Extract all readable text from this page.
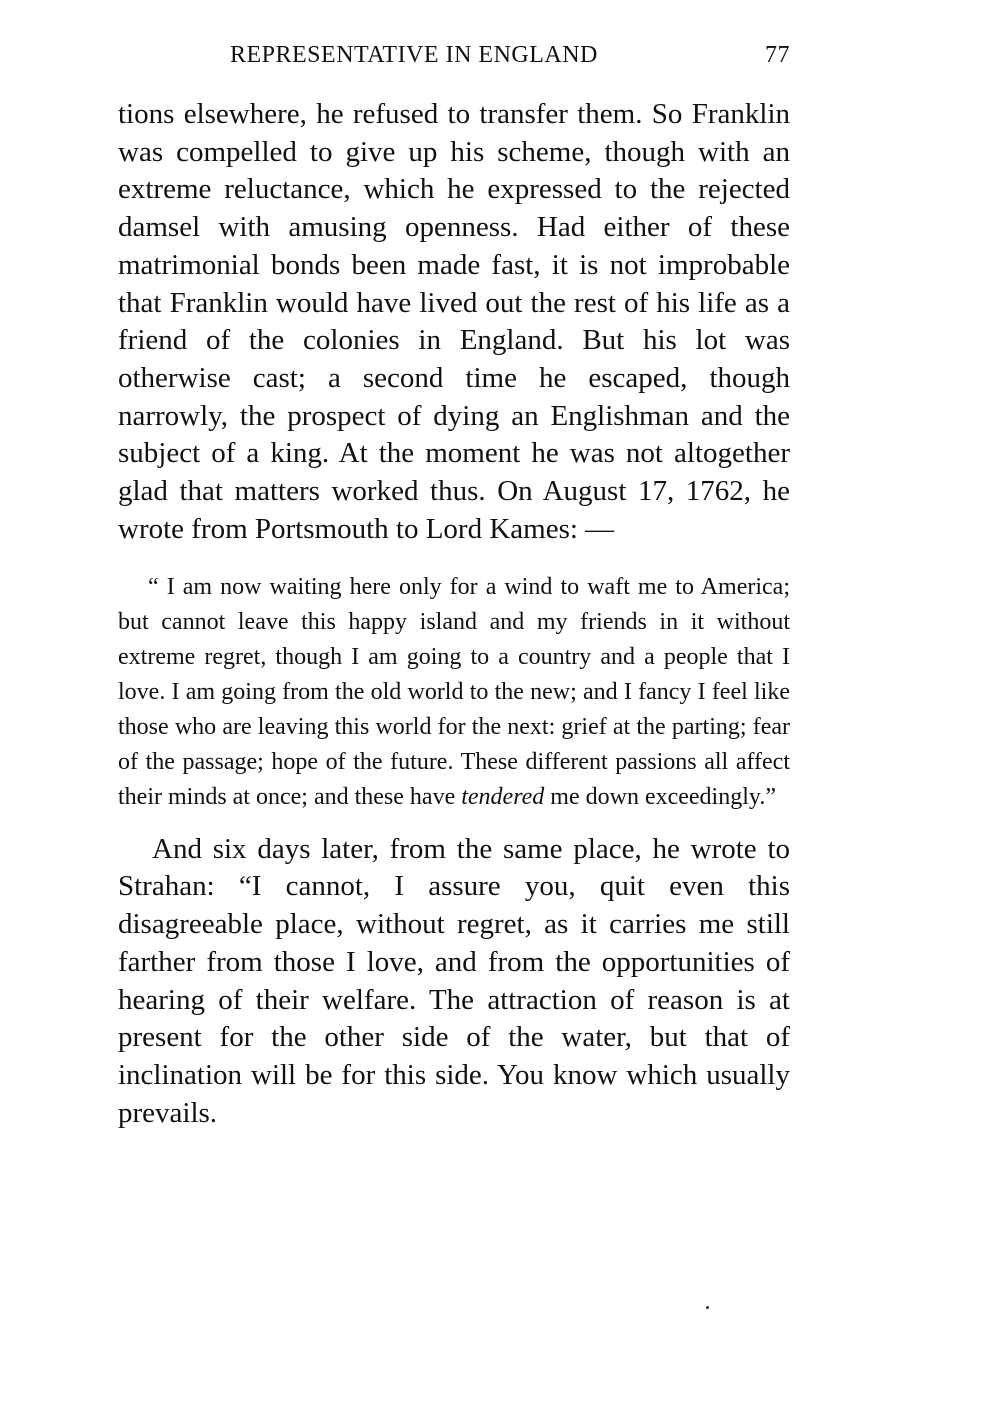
REPRESENTATIVE IN ENGLAND	77

tions elsewhere, he refused to transfer them. So Franklin was compelled to give up his scheme, though with an extreme reluctance, which he expressed to the rejected damsel with amusing openness. Had either of these matrimonial bonds been made fast, it is not improbable that Franklin would have lived out the rest of his life as a friend of the colonies in England. But his lot was otherwise cast; a second time he escaped, though narrowly, the prospect of dying an Englishman and the subject of a king. At the moment he was not altogether glad that matters worked thus. On August 17, 1762, he wrote from Portsmouth to Lord Kames: —

“ I am now waiting here only for a wind to waft me to America; but cannot leave this happy island and my friends in it without extreme regret, though I am going to a country and a people that I love. I am going from the old world to the new; and I fancy I feel like those who are leaving this world for the next: grief at the parting; fear of the passage; hope of the future. These different passions all affect their minds at once; and these have tendered me down exceedingly.”

And six days later, from the same place, he wrote to Strahan: “I cannot, I assure you, quit even this disagreeable place, without regret, as it carries me still farther from those I love, and from the opportunities of hearing of their welfare. The attraction of reason is at present for the other side of the water, but that of inclination will be for this side. You know which usually prevails.
